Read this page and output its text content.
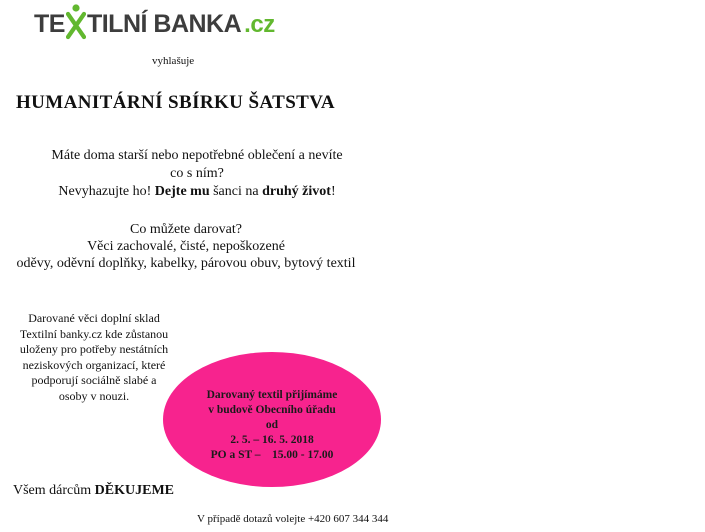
TE TILNÍ BANKA .cz
vyhlašuje
HUMANITÁRNÍ SBÍRKU ŠATSTVA
Máte doma starší nebo nepotřebné oblečení a nevíte
co s ním?
Nevyhazujte ho! Dejte mu šanci na druhý život!
Co můžete darovat?
Věci zachovalé, čisté, nepoškozené
oděvy, oděvní doplňky, kabelky, párovou obuv, bytový textil
Darované věci doplní sklad
Textilní banky.cz kde zůstanou
uloženy pro potřeby nestátních
neziskových organizací, které
podporují sociálně slabé a
osoby v nouzi.	Darovaný textil přijímáme
v budově Obecního úřadu
od
2. 5. – 16. 5. 2018
PO a ST –    15.00 - 17.00
Všem dárcům DĚKUJEME
V případě dotazů volejte +420 607 344 344
